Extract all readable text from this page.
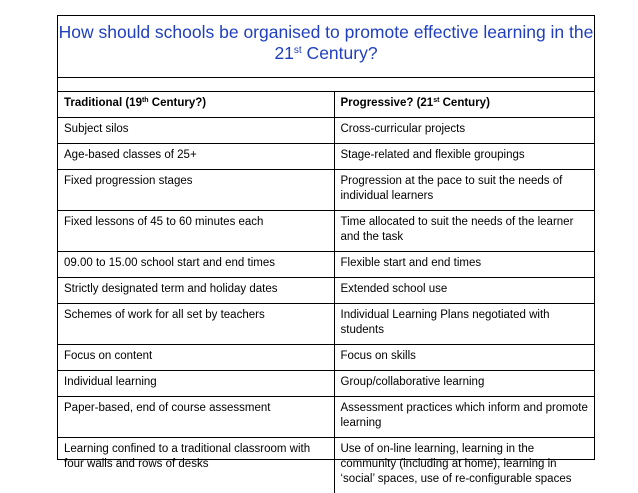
How should schools be organised to promote effective learning in the 21st Century?
Traditional (19th Century?)	Progressive? (21st Century)
Subject silos	Cross-curricular projects
Age-based classes of 25+	Stage-related and flexible groupings
Fixed progression stages	Progression at the pace to suit the needs of individual learners
Fixed lessons of 45 to 60 minutes each	Time allocated to suit the needs of the learner and the task
09.00 to 15.00 school start and end times	Flexible start and end times
Strictly designated term and holiday dates	Extended school use
Schemes of work for all set by teachers	Individual Learning Plans negotiated with students
Focus on content	Focus on skills
Individual learning	Group/collaborative learning
Paper-based, end of course assessment	Assessment practices which inform and promote learning
Learning confined to a traditional classroom with four walls and rows of desks	Use of on-line learning, learning in the community (including at home), learning in ‘social’ spaces, use of re-configurable spaces
